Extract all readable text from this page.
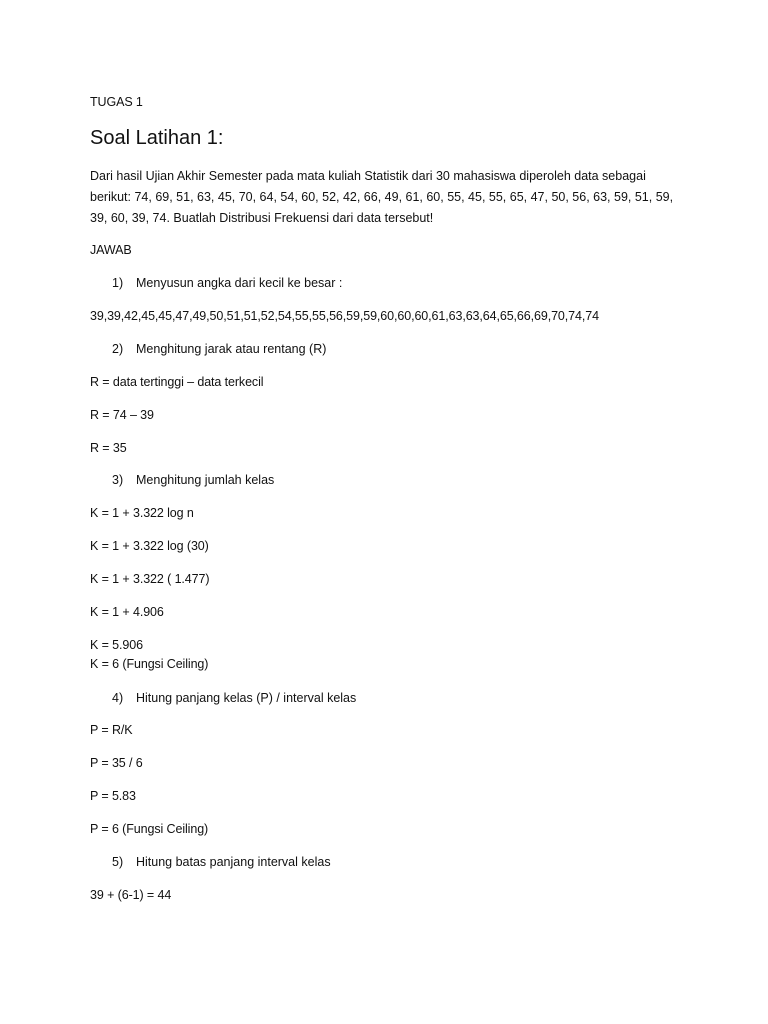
TUGAS 1
Soal Latihan 1:
Dari hasil Ujian Akhir Semester pada mata kuliah Statistik dari 30 mahasiswa diperoleh data sebagai berikut: 74, 69, 51, 63, 45, 70, 64, 54, 60, 52, 42, 66, 49, 61, 60, 55, 45, 55, 65, 47, 50, 56, 63, 59, 51, 59, 39, 60, 39, 74. Buatlah Distribusi Frekuensi dari data tersebut!
JAWAB
1) Menyusun angka dari kecil ke besar :
39,39,42,45,45,47,49,50,51,51,52,54,55,55,56,59,59,60,60,60,61,63,63,64,65,66,69,70,74,74
2) Menghitung jarak atau rentang (R)
R = data tertinggi – data terkecil
R = 74 – 39
R = 35
3) Menghitung jumlah kelas
K = 1 + 3.322 log n
K = 1 + 3.322 log (30)
K = 1 + 3.322 ( 1.477)
K = 1 + 4.906
K = 5.906
K = 6 (Fungsi Ceiling)
4) Hitung panjang kelas (P) / interval kelas
P = R/K
P = 35 / 6
P = 5.83
P = 6 (Fungsi Ceiling)
5) Hitung batas panjang interval kelas
39 + (6-1) = 44
